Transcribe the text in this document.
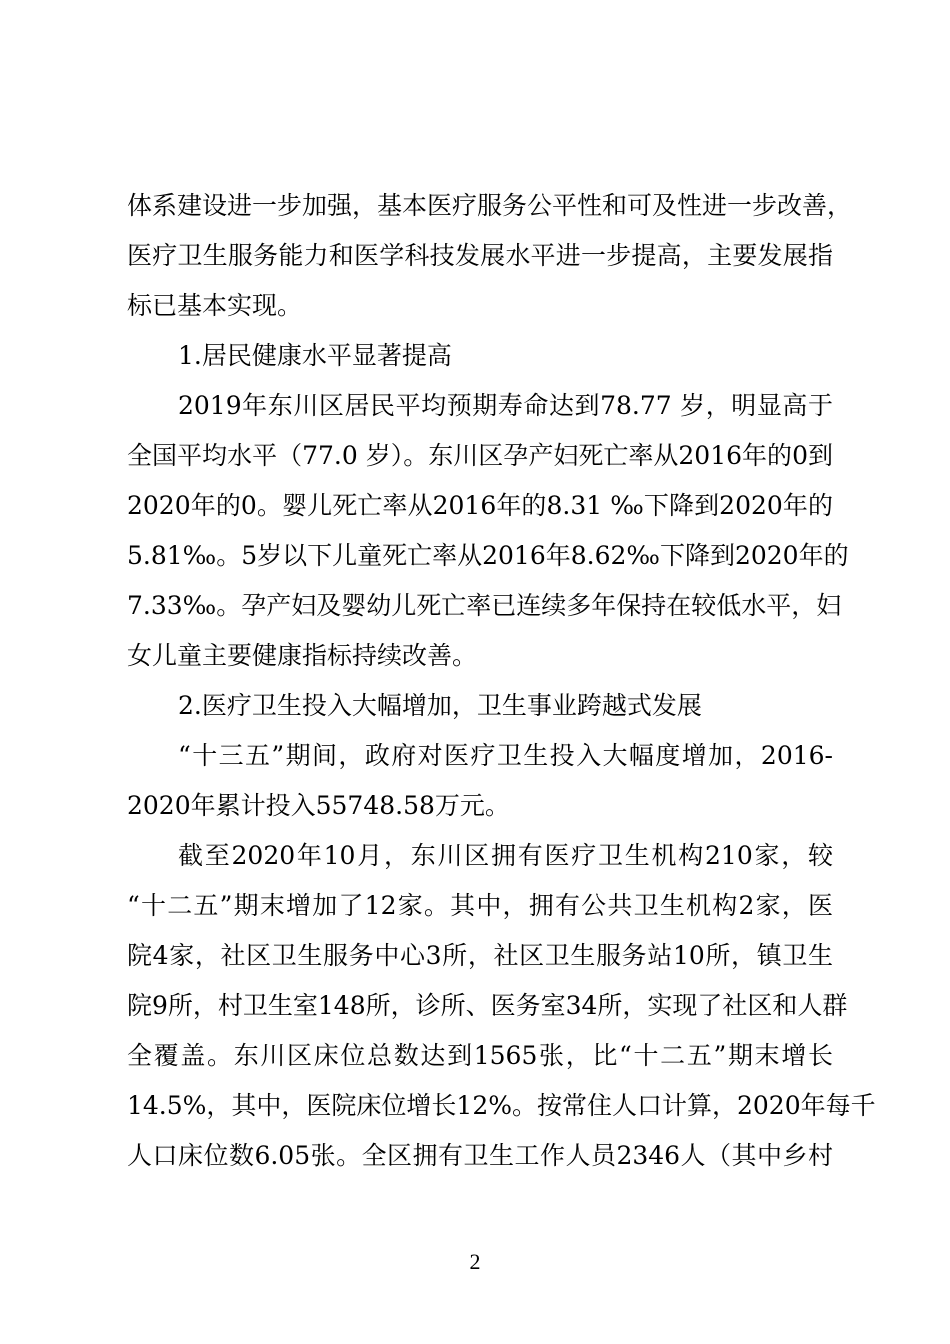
体系建设进一步加强，基本医疗服务公平性和可及性进一步改善，
医疗卫生服务能力和医学科技发展水平进一步提高，主要发展指
标已基本实现。
1.居民健康水平显著提高
2019年东川区居民平均预期寿命达到78.77 岁，明显高于
全国平均水平（77.0 岁）。东川区孕产妇死亡率从2016年的0到
2020年的0。婴儿死亡率从2016年的8.31 ‰下降到2020年的
5.81‰。5岁以下儿童死亡率从2016年8.62‰下降到2020年的
7.33‰。孕产妇及婴幼儿死亡率已连续多年保持在较低水平，妇
女儿童主要健康指标持续改善。
2.医疗卫生投入大幅增加，卫生事业跨越式发展
“十三五”期间，政府对医疗卫生投入大幅度增加，2016-
2020年累计投入55748.58万元。
截至2020年10月，东川区拥有医疗卫生机构210家，较
“十二五”期末增加了12家。其中，拥有公共卫生机构2家，医
院4家，社区卫生服务中心3所，社区卫生服务站10所，镇卫生
院9所，村卫生室148所，诊所、医务室34所，实现了社区和人群
全覆盖。东川区床位总数达到1565张，比“十二五”期末增长
14.5%，其中，医院床位增长12%。按常住人口计算，2020年每千
人口床位数6.05张。全区拥有卫生工作人员2346人（其中乡村
2
